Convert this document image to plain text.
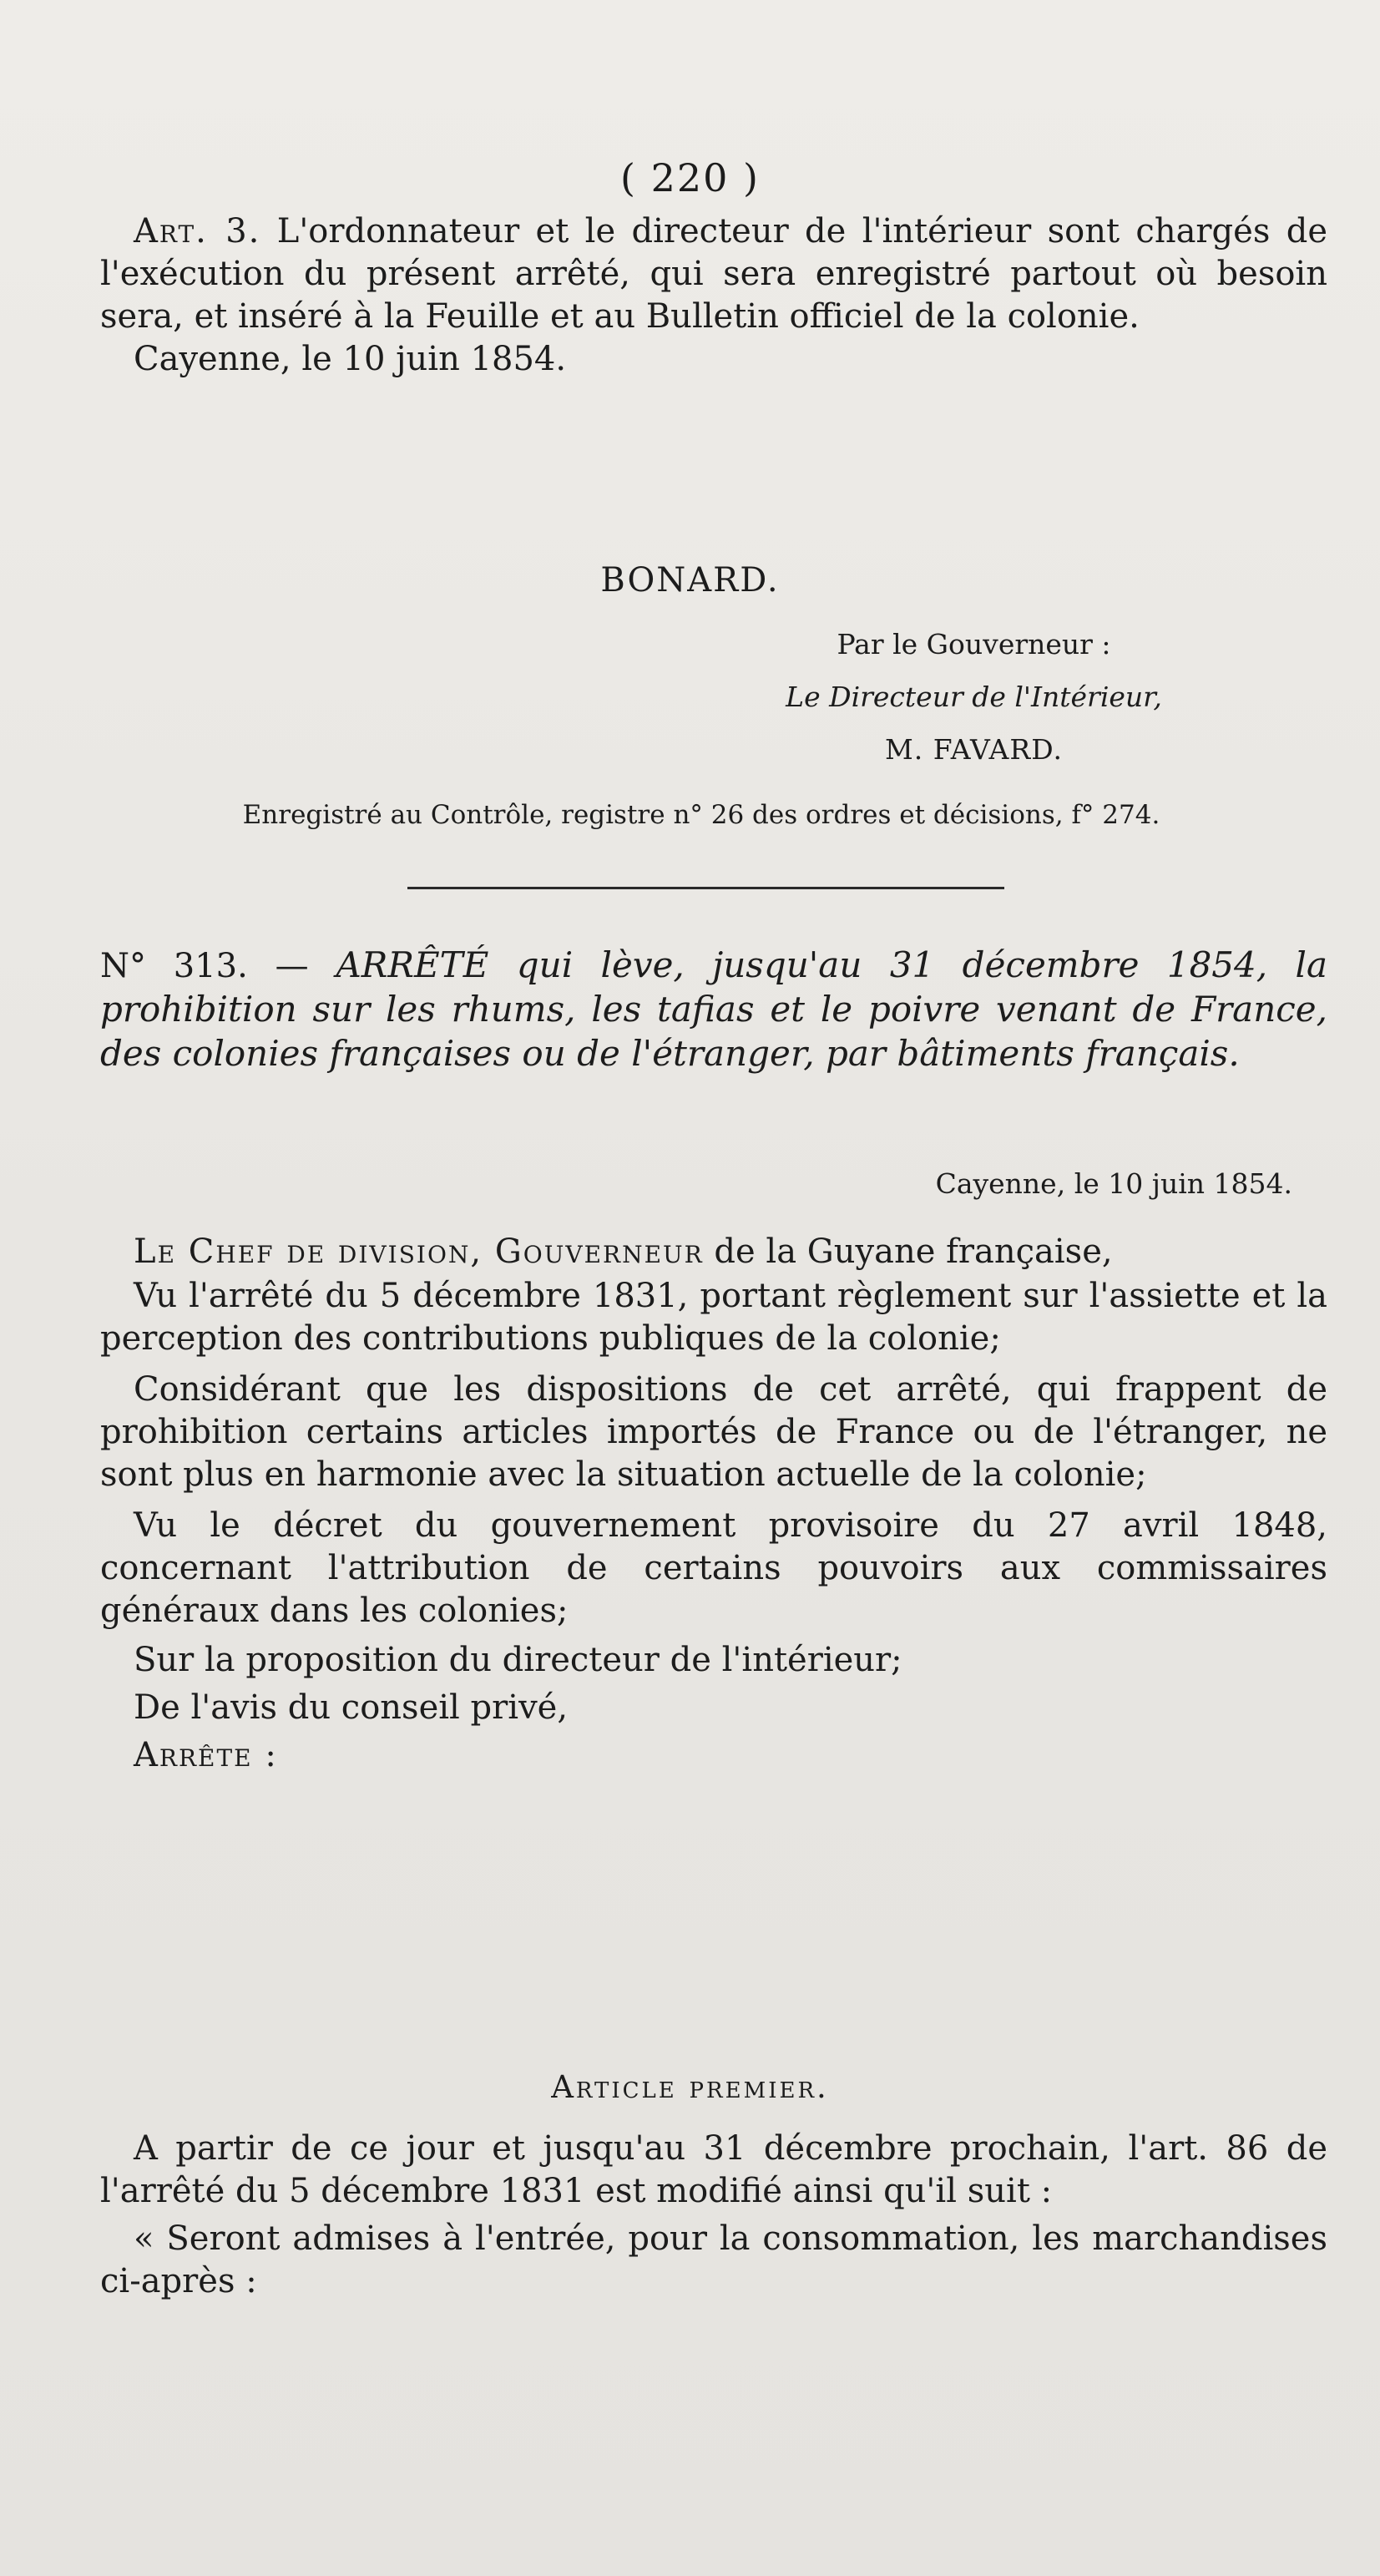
( 220 )

Art. 3. L'ordonnateur et le directeur de l'intérieur sont chargés de l'exécution du présent arrêté, qui sera enregistré partout où besoin sera, et inséré à la Feuille et au Bulletin officiel de la colonie.

Cayenne, le 10 juin 1854.

BONARD.
Par le Gouverneur :
Le Directeur de l'Intérieur,
M. FAVARD.
Enregistré au Contrôle, registre n° 26 des ordres et décisions, f° 274.
N° 313. — ARRÊTÉ qui lève, jusqu'au 31 décembre 1854, la prohibition sur les rhums, les tafias et le poivre venant de France, des colonies françaises ou de l'étranger, par bâtiments français.
Cayenne, le 10 juin 1854.

Le Chef de division, Gouverneur de la Guyane française,

Vu l'arrêté du 5 décembre 1831, portant règlement sur l'assiette et la perception des contributions publiques de la colonie;

Considérant que les dispositions de cet arrêté, qui frappent de prohibition certains articles importés de France ou de l'étranger, ne sont plus en harmonie avec la situation actuelle de la colonie;

Vu le décret du gouvernement provisoire du 27 avril 1848, concernant l'attribution de certains pouvoirs aux commissaires généraux dans les colonies;

Sur la proposition du directeur de l'intérieur;

De l'avis du conseil privé,

Arrête :

Article premier.

A partir de ce jour et jusqu'au 31 décembre prochain, l'art. 86 de l'arrêté du 5 décembre 1831 est modifié ainsi qu'il suit :

« Seront admises à l'entrée, pour la consommation, les marchandises ci-après :
